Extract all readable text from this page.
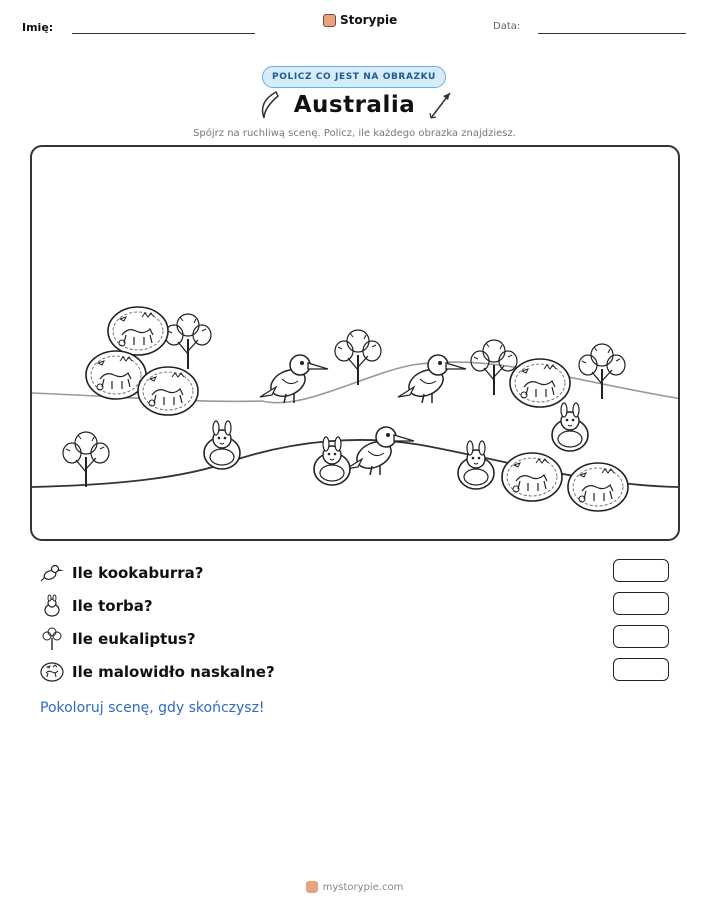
Imię:
Storypie	Data:
POLICZ CO JEST NA OBRAZKU
Australia
Spójrz na ruchliwą scenę. Policz, ile każdego obrazka znajdziesz.
Ile kookaburra?
Ile torba?
Ile eukaliptus?
Ile malowidło naskalne?
Pokoloruj scenę, gdy skończysz!
mystorypie.com
